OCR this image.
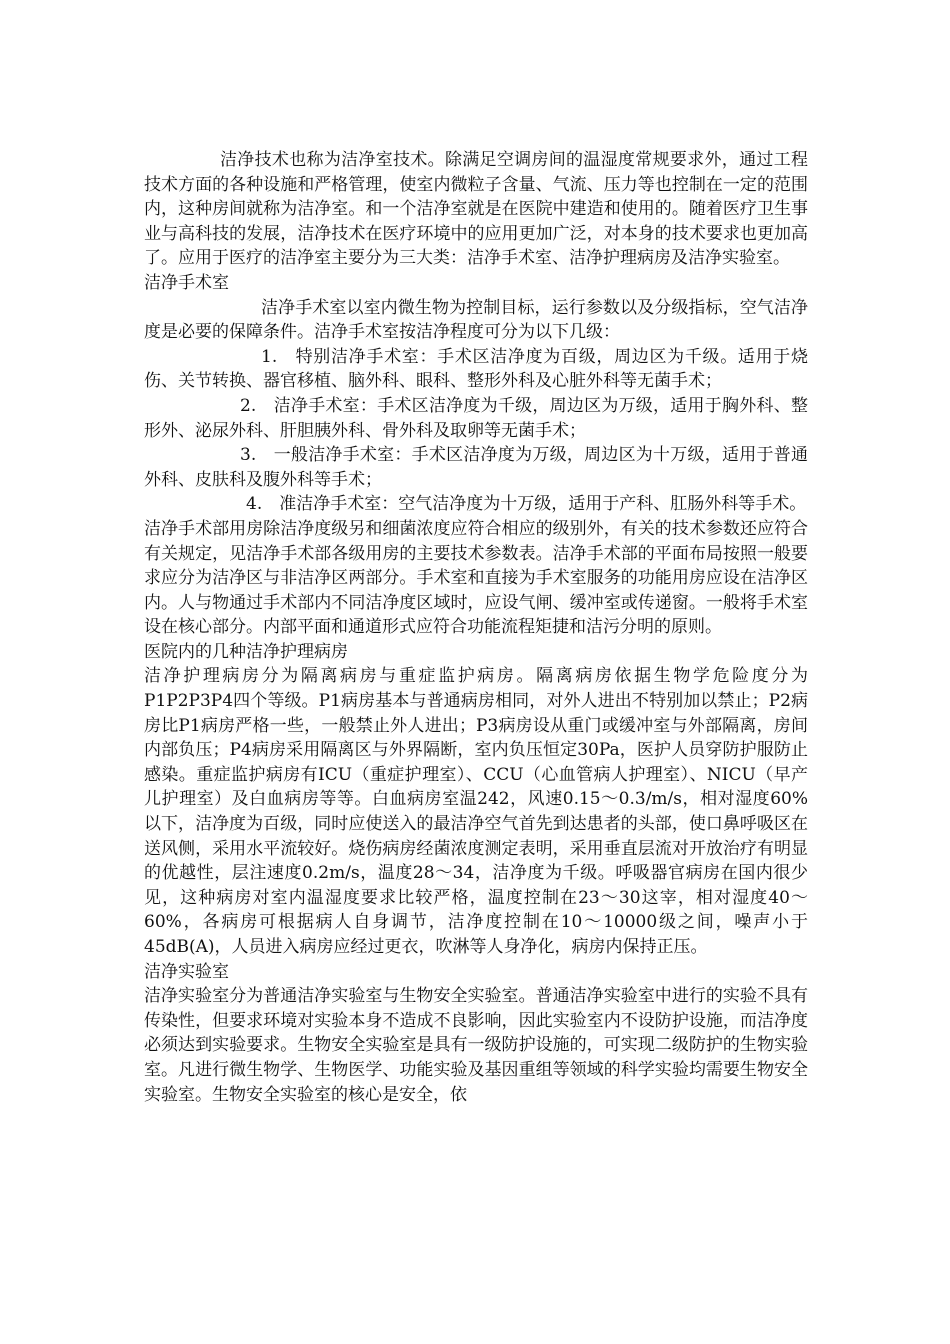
洁净技术也称为洁净室技术。除满足空调房间的温湿度常规要求外，通过工程技术方面的各种设施和严格管理，使室内微粒子含量、气流、压力等也控制在一定的范围内，这种房间就称为洁净室。和一个洁净室就是在医院中建造和使用的。随着医疗卫生事业与高科技的发展，洁净技术在医疗环境中的应用更加广泛，对本身的技术要求也更加高了。应用于医疗的洁净室主要分为三大类：洁净手术室、洁净护理病房及洁净实验室。

洁净手术室

洁净手术室以室内微生物为控制目标，运行参数以及分级指标，空气洁净度是必要的保障条件。洁净手术室按洁净程度可分为以下几级：

1.　特别洁净手术室：手术区洁净度为百级，周边区为千级。适用于烧伤、关节转换、器官移植、脑外科、眼科、整形外科及心脏外科等无菌手术；

2.　洁净手术室：手术区洁净度为千级，周边区为万级，适用于胸外科、整形外、泌尿外科、肝胆胰外科、骨外科及取卵等无菌手术；

3.　一般洁净手术室：手术区洁净度为万级，周边区为十万级，适用于普通外科、皮肤科及腹外科等手术；

4.　准洁净手术室：空气洁净度为十万级，适用于产科、肛肠外科等手术。

洁净手术部用房除洁净度级另和细菌浓度应符合相应的级别外，有关的技术参数还应符合有关规定，见洁净手术部各级用房的主要技术参数表。洁净手术部的平面布局按照一般要求应分为洁净区与非洁净区两部分。手术室和直接为手术室服务的功能用房应设在洁净区内。人与物通过手术部内不同洁净度区域时，应设气闸、缓冲室或传递窗。一般将手术室设在核心部分。内部平面和通道形式应符合功能流程矩捷和洁污分明的原则。

医院内的几种洁净护理病房

洁净护理病房分为隔离病房与重症监护病房。隔离病房依据生物学危险度分为P1P2P3P4四个等级。P1病房基本与普通病房相同，对外人进出不特别加以禁止；P2病房比P1病房严格一些，一般禁止外人进出；P3病房设从重门或缓冲室与外部隔离，房间内部负压；P4病房采用隔离区与外界隔断，室内负压恒定30Pa，医护人员穿防护服防止感染。重症监护病房有ICU（重症护理室）、CCU（心血管病人护理室）、NICU（早产儿护理室）及白血病房等等。白血病房室温242，风速0.15～0.3/m/s，相对湿度60%以下，洁净度为百级，同时应使送入的最洁净空气首先到达患者的头部，使口鼻呼吸区在送风侧，采用水平流较好。烧伤病房经菌浓度测定表明，采用垂直层流对开放治疗有明显的优越性，层注速度0.2m/s，温度28～34，洁净度为千级。呼吸器官病房在国内很少见，这种病房对室内温湿度要求比较严格，温度控制在23～30这宰，相对湿度40～60%，各病房可根据病人自身调节，洁净度控制在10～10000级之间，噪声小于45dB(A)，人员进入病房应经过更衣，吹淋等人身净化，病房内保持正压。

洁净实验室

洁净实验室分为普通洁净实验室与生物安全实验室。普通洁净实验室中进行的实验不具有传染性，但要求环境对实验本身不造成不良影响，因此实验室内不设防护设施，而洁净度必须达到实验要求。生物安全实验室是具有一级防护设施的，可实现二级防护的生物实验室。凡进行微生物学、生物医学、功能实验及基因重组等领域的科学实验均需要生物安全实验室。生物安全实验室的核心是安全，依
